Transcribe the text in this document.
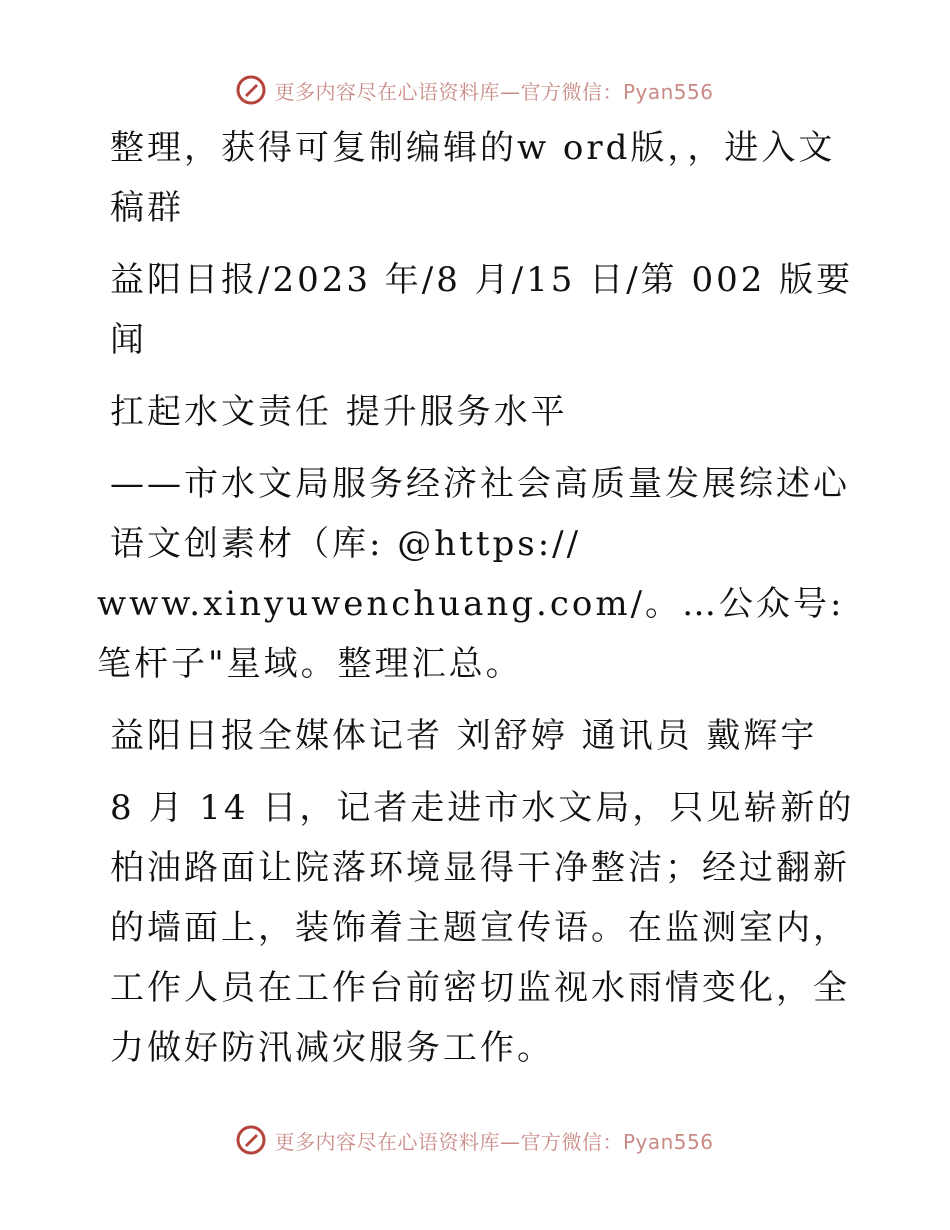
更多内容尽在心语资料库—官方微信：Pyan556

整理，获得可复制编辑的w ord版，，进入文稿群

益阳日报/2023 年/8 月/15 日/第 002 版要闻

扛起水文责任 提升服务水平

——市水文局服务经济社会高质量发展综述心语文创素材（库: @https://

www.xinyuwenchuang.com/。…公众号: 笔杆子"星域。整理汇总。

益阳日报全媒体记者 刘舒婷 通讯员 戴辉宇

8 月 14 日，记者走进市水文局，只见崭新的柏油路面让院落环境显得干净整洁；经过翻新的墙面上，装饰着主题宣传语。在监测室内，工作人员在工作台前密切监视水雨情变化，全力做好防汛减灾服务工作。

更多内容尽在心语资料库—官方微信：Pyan556
